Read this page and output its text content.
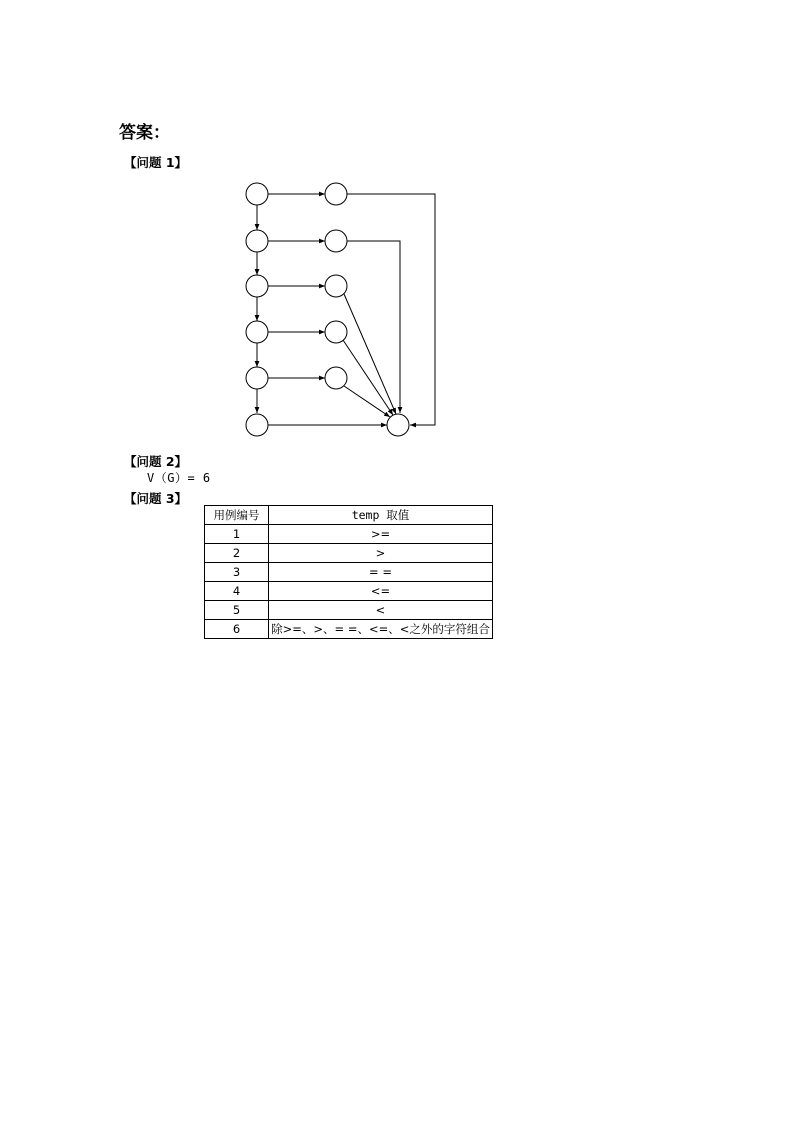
答案：
【问题 1】
【问题 2】
V（G）= 6
【问题 3】
用例编号	temp 取值
1	>=
2	>
3	= =
4	<=
5	<
6	除>=、>、= =、<=、<之外的字符组合
